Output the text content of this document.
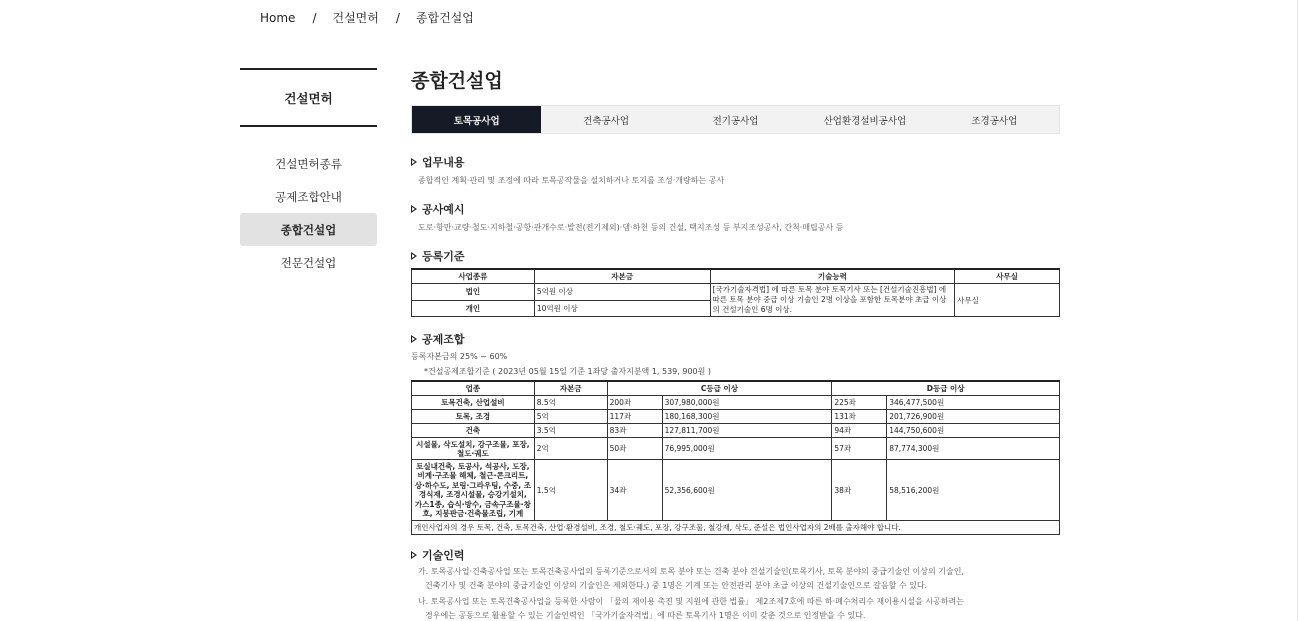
Home / 건설면허 / 종합건설업
건설면허
건설면허종류
공제조합안내
종합건설업
전문건설업
종합건설업
토목공사업	건축공사업	전기공사업	산업환경설비공사업	조경공사업
업무내용

종합적인 계획·관리 및 조정에 따라 토목공작물을 설치하거나 토지를 조성·개량하는 공사

공사예시

도로·항만·교량·철도·지하철·공항·관개수로·발전(전기제외)·댐·하천 등의 건설, 택지조성 등 부지조성공사, 간척·매립공사 등

등록기준
사업종류	자본금	기술능력	사무실
법인	5억원 이상	[국가기술자격법] 에 따른 토목 분야 토목기사 또는 [건설기술진흥법] 에 따른 토목 분야 중급 이상 기술인 2명 이상을 포함한 토목분야 초급 이상의 건설기술인 6명 이상.	사무실
개인	10억원 이상		
공제조합

등록자본금의 25% ~ 60%

*건설공제조합기준 ( 2023년 05월 15일 기준 1좌당 출자지분액 1, 539, 900원 )

업종	자본금	C등급 이상		D등급 이상	
토목건축, 산업설비	8.5억	200좌	307,980,000원	225좌	346,477,500원
토목, 조경	5억	117좌	180,168,300원	131좌	201,726,900원
건축	3.5억	83좌	127,811,700원	94좌	144,750,600원
시설물, 삭도설치, 강구조물, 포장, 철도·궤도	2억	50좌	76,995,000원	57좌	87,774,300원
토실내건축, 토공사, 석공사, 도장, 비계·구조물 해체, 철근·콘크리트, 상·하수도, 보링·그라우팅, 수중, 조경식재, 조경시설물, 승강기설치, 가스1종, 습식·방수, 금속구조물·창호, 지붕판금·건축물조립, 기계	1.5억	34좌	52,356,600원	38좌	58,516,200원
개인사업자의 경우 토목, 건축, 토목건축, 산업·환경설비, 조경, 철도·궤도, 포장, 강구조물, 철강재, 삭도, 준설은 법인사업자의 2배를 출자해야 합니다.					
기술인력

가. 토목공사업·건축공사업 또는 토목건축공사업의 등록기준으로서의 토목 분야 또는 건축 분야 건설기술인(토목기사, 토목 분야의 중급기술인 이상의 기술인,

건축기사 및 건축 분야의 중급기술인 이상의 기술인은 제외한다.) 중 1명은 기계 또는 안전관리 분야 초급 이상의 건설기술인으로 갈음할 수 있다.

나. 토목공사업 또는 토목건축공사업을 등록한 사람이 「물의 재이용 촉진 및 지원에 관한 법률」 제2조제7호에 따른 하·폐수처리수 재이용시설을 시공하려는

경우에는 공동으로 활용할 수 있는 기술인력인 「국가기술자격법」에 따른 토목기사 1명은 이미 갖춘 것으로 인정받을 수 있다.
